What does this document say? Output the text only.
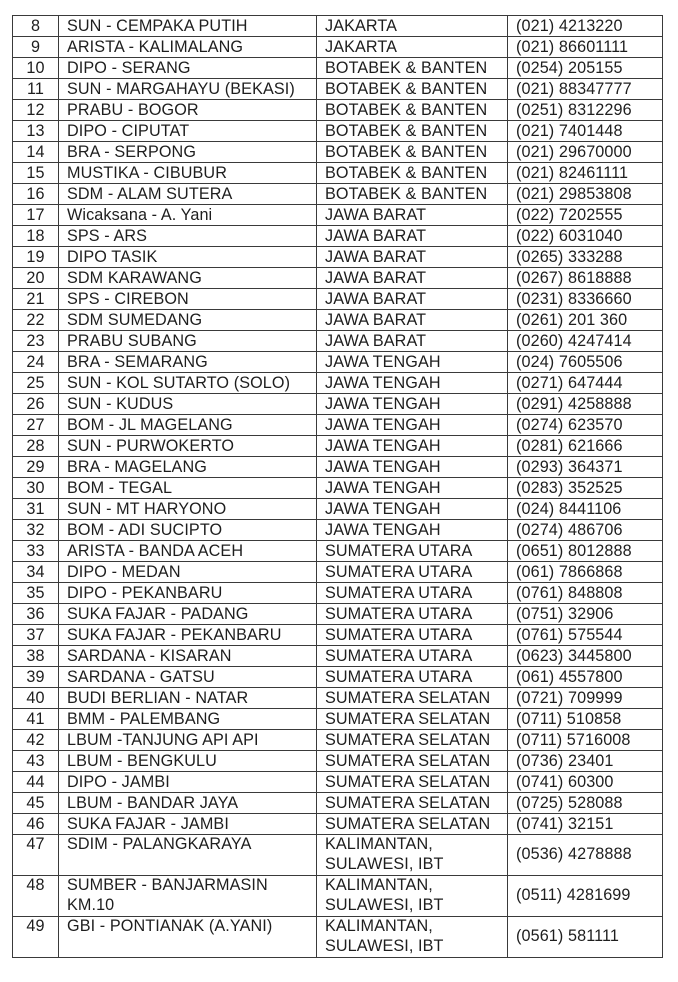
8	SUN - CEMPAKA PUTIH	JAKARTA	(021) 4213220
9	ARISTA - KALIMALANG	JAKARTA	(021) 86601111
10	DIPO - SERANG	BOTABEK & BANTEN	(0254) 205155
11	SUN - MARGAHAYU (BEKASI)	BOTABEK & BANTEN	(021) 88347777
12	PRABU - BOGOR	BOTABEK & BANTEN	(0251) 8312296
13	DIPO - CIPUTAT	BOTABEK & BANTEN	(021) 7401448
14	BRA - SERPONG	BOTABEK & BANTEN	(021) 29670000
15	MUSTIKA - CIBUBUR	BOTABEK & BANTEN	(021) 82461111
16	SDM - ALAM SUTERA	BOTABEK & BANTEN	(021) 29853808
17	Wicaksana - A. Yani	JAWA BARAT	(022) 7202555
18	SPS - ARS	JAWA BARAT	(022) 6031040
19	DIPO TASIK	JAWA BARAT	(0265) 333288
20	SDM KARAWANG	JAWA BARAT	(0267) 8618888
21	SPS - CIREBON	JAWA BARAT	(0231) 8336660
22	SDM SUMEDANG	JAWA BARAT	(0261) 201 360
23	PRABU SUBANG	JAWA BARAT	(0260) 4247414
24	BRA - SEMARANG	JAWA TENGAH	(024) 7605506
25	SUN - KOL SUTARTO (SOLO)	JAWA TENGAH	(0271) 647444
26	SUN - KUDUS	JAWA TENGAH	(0291) 4258888
27	BOM - JL MAGELANG	JAWA TENGAH	(0274) 623570
28	SUN - PURWOKERTO	JAWA TENGAH	(0281) 621666
29	BRA - MAGELANG	JAWA TENGAH	(0293) 364371
30	BOM - TEGAL	JAWA TENGAH	(0283) 352525
31	SUN - MT HARYONO	JAWA TENGAH	(024) 8441106
32	BOM - ADI SUCIPTO	JAWA TENGAH	(0274) 486706
33	ARISTA - BANDA ACEH	SUMATERA UTARA	(0651) 8012888
34	DIPO - MEDAN	SUMATERA UTARA	(061) 7866868
35	DIPO - PEKANBARU	SUMATERA UTARA	(0761) 848808
36	SUKA FAJAR - PADANG	SUMATERA UTARA	(0751) 32906
37	SUKA FAJAR - PEKANBARU	SUMATERA UTARA	(0761) 575544
38	SARDANA - KISARAN	SUMATERA UTARA	(0623) 3445800
39	SARDANA - GATSU	SUMATERA UTARA	(061) 4557800
40	BUDI BERLIAN - NATAR	SUMATERA SELATAN	(0721) 709999
41	BMM - PALEMBANG	SUMATERA SELATAN	(0711) 510858
42	LBUM -TANJUNG API API	SUMATERA SELATAN	(0711) 5716008
43	LBUM - BENGKULU	SUMATERA SELATAN	(0736) 23401
44	DIPO - JAMBI	SUMATERA SELATAN	(0741) 60300
45	LBUM - BANDAR JAYA	SUMATERA SELATAN	(0725) 528088
46	SUKA FAJAR - JAMBI	SUMATERA SELATAN	(0741) 32151
47	SDIM - PALANGKARAYA	KALIMANTAN, SULAWESI, IBT	(0536) 4278888
48	SUMBER - BANJARMASIN KM.10	KALIMANTAN, SULAWESI, IBT	(0511) 4281699
49	GBI - PONTIANAK (A.YANI)	KALIMANTAN, SULAWESI, IBT	(0561) 581111
